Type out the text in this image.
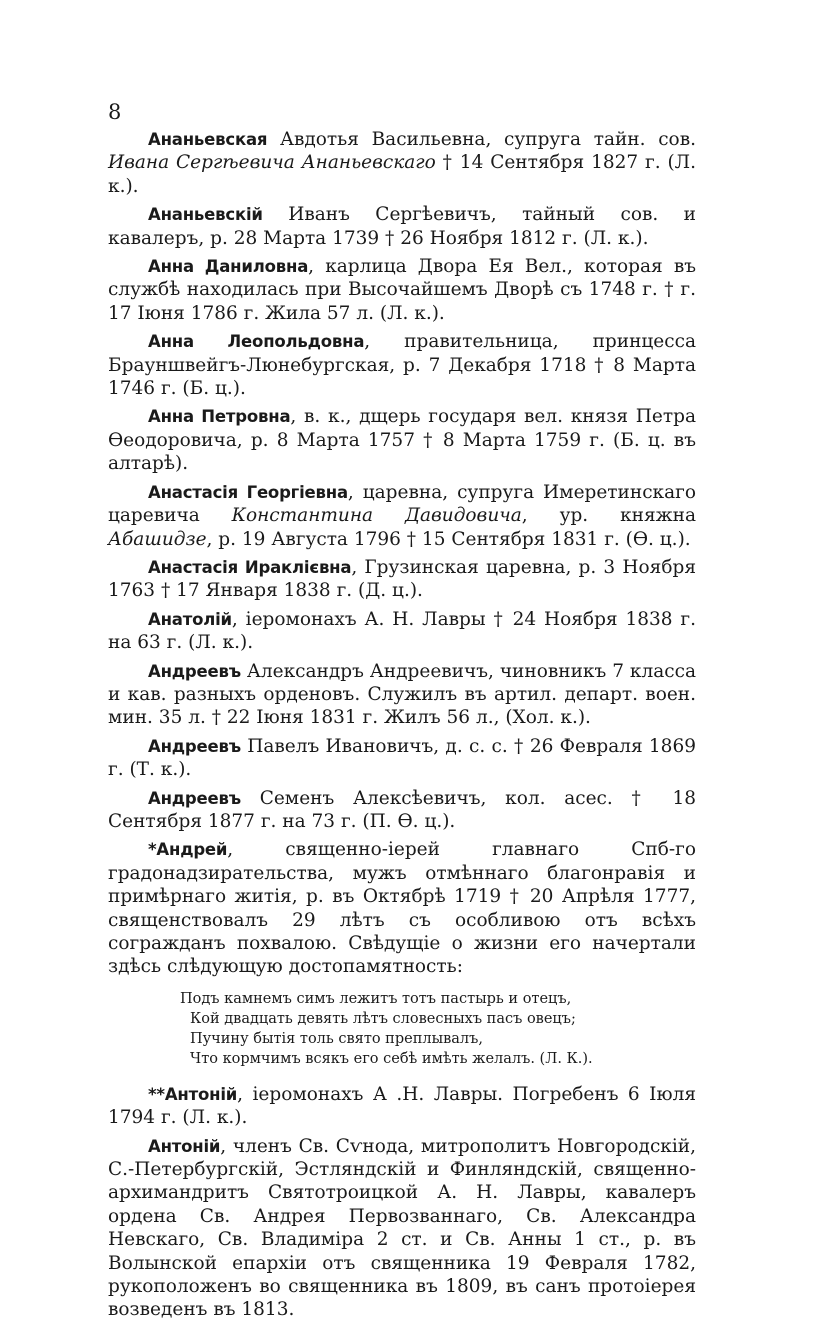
8

Ананьевская Авдотья Васильевна, супруга тайн. сов. Ивана Сергѣевича Ананьевскаго † 14 Сентября 1827 г. (Л. к.).

Ананьевскій Иванъ Сергѣевичъ, тайный сов. и кавалеръ, р. 28 Марта 1739 † 26 Ноября 1812 г. (Л. к.).

Анна Даниловна, карлица Двора Ея Вел., которая въ службѣ находилась при Высочайшемъ Дворѣ съ 1748 г. † г. 17 Іюня 1786 г. Жила 57 л. (Л. к.).

Анна Леопольдовна, правительница, принцесса Брауншвейгъ-Люнебургская, р. 7 Декабря 1718 † 8 Марта 1746 г. (Б. ц.).

Анна Петровна, в. к., дщерь государя вел. князя Петра Ѳеодоровича, р. 8 Марта 1757 † 8 Марта 1759 г. (Б. ц. въ алтарѣ).

Анастасія Георгіевна, царевна, супруга Имеретинскаго царевича Константина Давидовича, ур. княжна Абашидзе, р. 19 Августа 1796 † 15 Сентября 1831 г. (Ѳ. ц.).

Анастасія Ираклієвна, Грузинская царевна, р. 3 Ноября 1763 † 17 Января 1838 г. (Д. ц.).

Анатолій, іеромонахъ А. Н. Лавры † 24 Ноября 1838 г. на 63 г. (Л. к.).

Андреевъ Александръ Андреевичъ, чиновникъ 7 класса и кав. разныхъ орденовъ. Служилъ въ артил. департ. воен. мин. 35 л. † 22 Іюня 1831 г. Жилъ 56 л., (Хол. к.).

Андреевъ Павелъ Ивановичъ, д. с. с. † 26 Февраля 1869 г. (Т. к.).

Андреевъ Семенъ Алексѣевичъ, кол. асес. † 18 Сентября 1877 г. на 73 г. (П. Ѳ. ц.).

*Андрей, священно-іерей главнаго Спб-го градонадзирательства, мужъ отмѣннаго благонравія и примѣрнаго житія, р. въ Октябрѣ 1719 † 20 Апрѣля 1777, священствовалъ 29 лѣтъ съ особливою отъ всѣхъ сограждaнъ похвалою. Свѣдущіе о жизни его начертали здѣсь слѣдующую достопамятность:

Подъ камнемъ симъ лежитъ тотъ пастырь и отецъ,
Кой двадцать девять лѣтъ словесныхъ пасъ овецъ;
Пучину бытія толь свято преплывалъ,
Что кормчимъ всякъ его себѣ имѣть желалъ. (Л. К.).

**Антоній, іеромонахъ А .Н. Лавры. Погребенъ 6 Іюля 1794 г. (Л. к.).

Антоній, членъ Св. Сѵнода, митрополитъ Новгородскій, С.-Петербургскій, Эстляндскій и Финляндскій, священно-архимандритъ Святотроицкой А. Н. Лавры, кавалеръ ордена Св. Андрея Первозваннаго, Св. Александра Невскаго, Св. Владиміра 2 ст. и Св. Анны 1 ст., р. въ Волынской епархіи отъ священника 19 Февраля 1782, рукоположенъ во священника въ 1809, въ санъ протоіерея возведенъ въ 1813.
